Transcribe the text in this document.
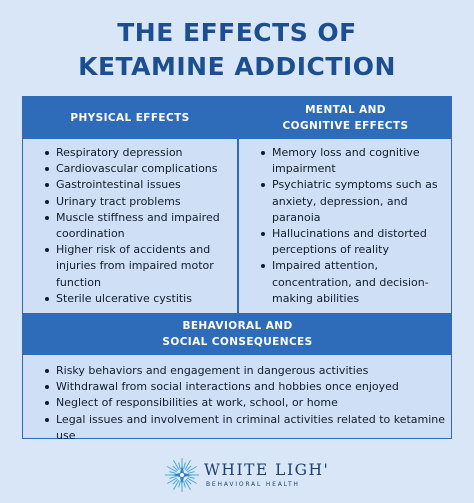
THE EFFECTS OF
KETAMINE ADDICTION
PHYSICAL EFFECTS
MENTAL AND
COGNITIVE EFFECTS
Respiratory depression
Cardiovascular complications
Gastrointestinal issues
Urinary tract problems
Muscle stiffness and impaired coordination
Higher risk of accidents and injuries from impaired motor function
Sterile ulcerative cystitis
Memory loss and cognitive impairment
Psychiatric symptoms such as anxiety, depression, and paranoia
Hallucinations and distorted perceptions of reality
Impaired attention, concentration, and decision-making abilities
BEHAVIORAL AND
SOCIAL CONSEQUENCES
Risky behaviors and engagement in dangerous activities
Withdrawal from social interactions and hobbies once enjoyed
Neglect of responsibilities at work, school, or home
Legal issues and involvement in criminal activities related to ketamine use
WHITE LIGH'
BEHAVIORAL HEALTH
